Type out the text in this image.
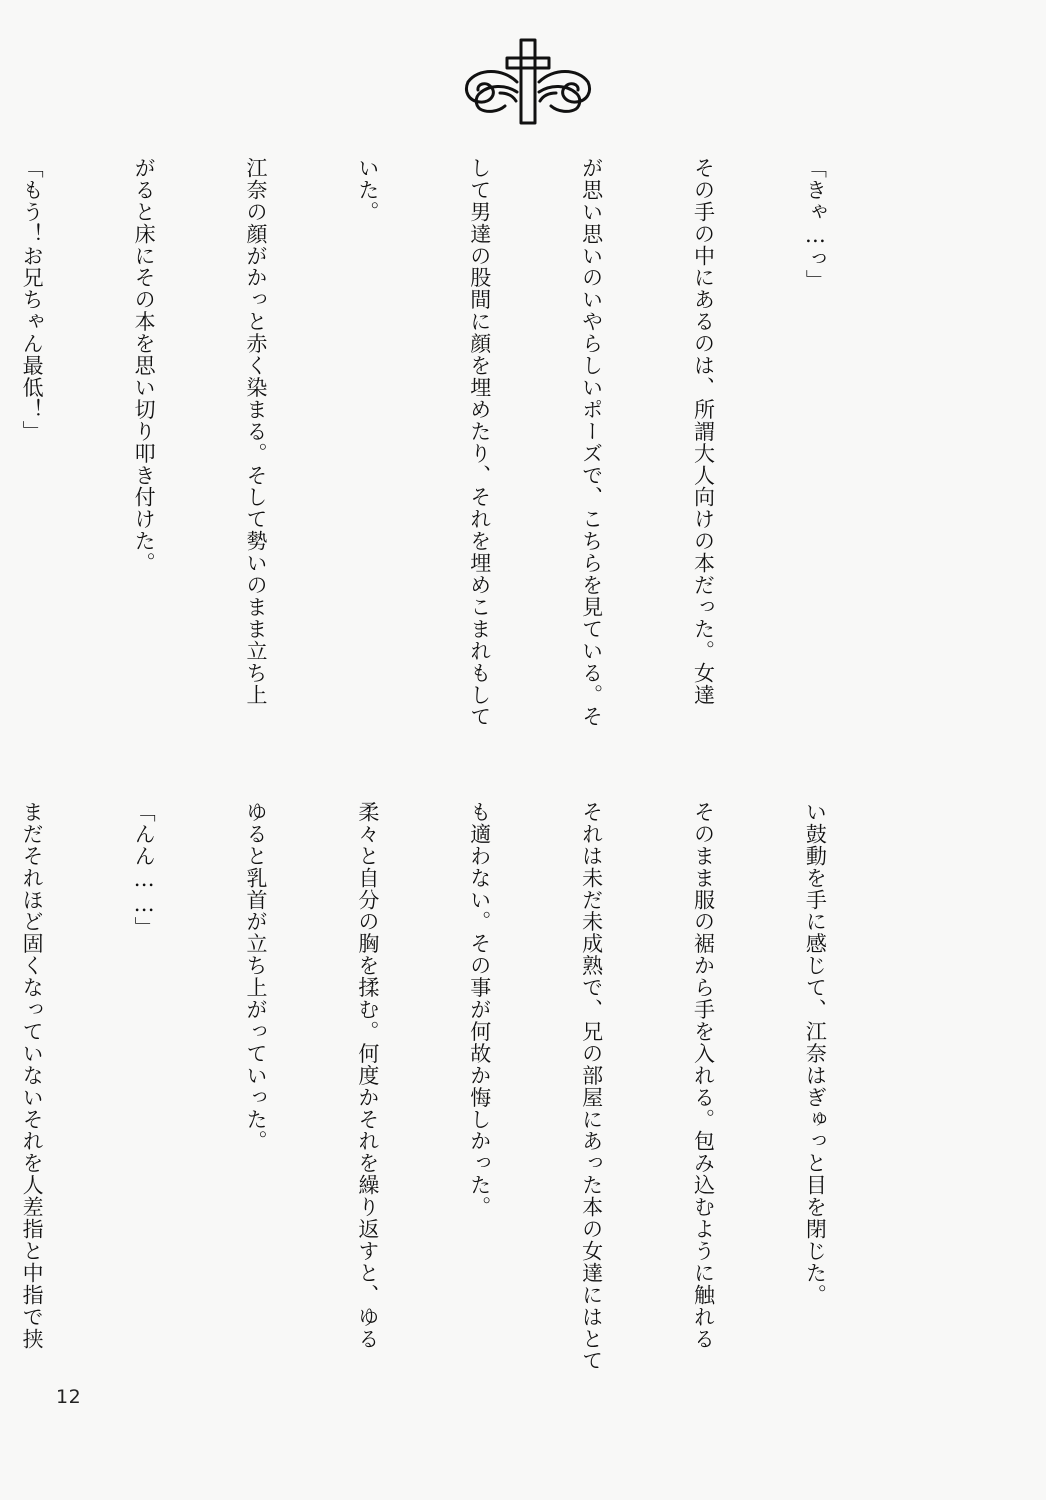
「きゃ…っ」

その手の中にあるのは、所謂大人向けの本だった。女達

が思い思いのいやらしいポーズで、こちらを見ている。そ

して男達の股間に顔を埋めたり、それを埋めこまれもして

いた。

江奈の顔がかっと赤く染まる。そして勢いのまま立ち上

がると床にその本を思い切り叩き付けた。

「もう！お兄ちゃん最低！」

い鼓動を手に感じて、江奈はぎゅっと目を閉じた。

そのまま服の裾から手を入れる。包み込むように触れる

それは未だ未成熟で、兄の部屋にあった本の女達にはとて

も適わない。その事が何故か悔しかった。

柔々と自分の胸を揉む。何度かそれを繰り返すと、ゆる

ゆると乳首が立ち上がっていった。

「んん……」

まだそれほど固くなっていないそれを人差指と中指で挟

12
